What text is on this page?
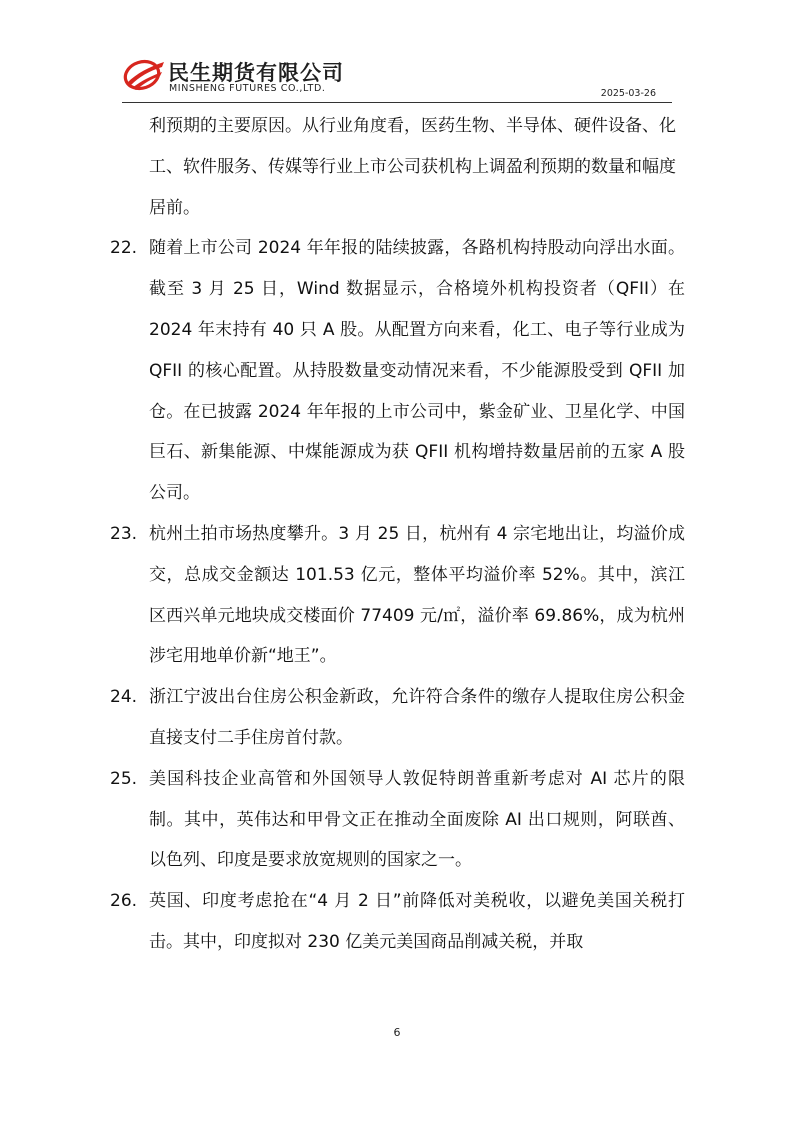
民生期货有限公司
MINSHENG FUTURES CO.,LTD.	2025-03-26
利预期的主要原因。从行业角度看，医药生物、半导体、硬件设备、化工、软件服务、传媒等行业上市公司获机构上调盈利预期的数量和幅度居前。
22. 随着上市公司 2024 年年报的陆续披露，各路机构持股动向浮出水面。截至 3 月 25 日，Wind 数据显示，合格境外机构投资者（QFII）在 2024 年末持有 40 只 A 股。从配置方向来看，化工、电子等行业成为 QFII 的核心配置。从持股数量变动情况来看，不少能源股受到 QFII 加仓。在已披露 2024 年年报的上市公司中，紫金矿业、卫星化学、中国巨石、新集能源、中煤能源成为获 QFII 机构增持数量居前的五家 A 股公司。
23. 杭州土拍市场热度攀升。3 月 25 日，杭州有 4 宗宅地出让，均溢价成交，总成交金额达 101.53 亿元，整体平均溢价率 52%。其中，滨江区西兴单元地块成交楼面价 77409 元/㎡，溢价率 69.86%，成为杭州涉宅用地单价新“地王”。
24. 浙江宁波出台住房公积金新政，允许符合条件的缴存人提取住房公积金直接支付二手住房首付款。
25. 美国科技企业高管和外国领导人敦促特朗普重新考虑对 AI 芯片的限制。其中，英伟达和甲骨文正在推动全面废除 AI 出口规则，阿联酋、以色列、印度是要求放宽规则的国家之一。
26. 英国、印度考虑抢在“4 月 2 日”前降低对美税收，以避免美国关税打击。其中，印度拟对 230 亿美元美国商品削减关税，并取
6
